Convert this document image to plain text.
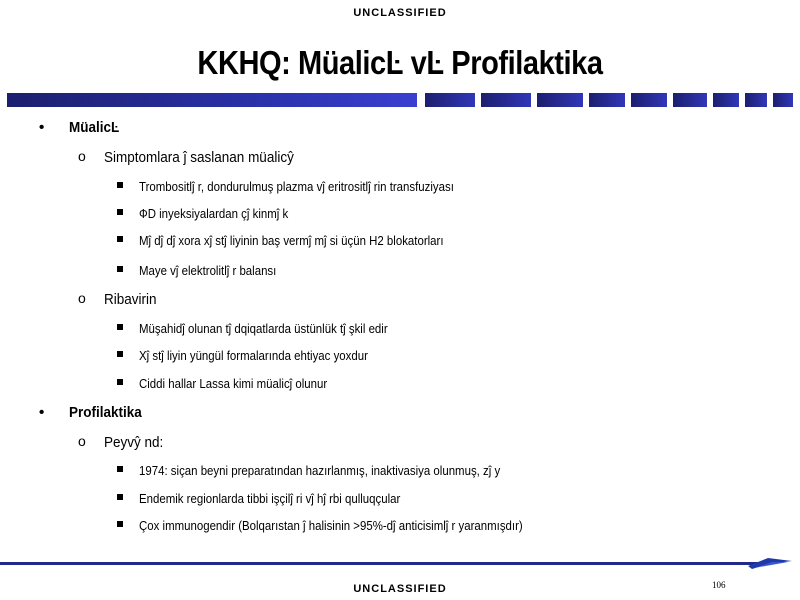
UNCLASSIFIED
KKHQ: MüalicĿ vĿ Profilaktika
• MüalicĿ
o Simptomlara ĵ saslanan müalicŷ
Trombositlĵ r, dondurulmuş plazma vĵ eritrositlĵ rin transfuziyası
ФD inyeksiyalardan çĵ kinmĵ k
Mĵ dĵ dĵ xora xĵ stĵ liyinin baş vermĵ mĵ si üçün H2 blokatorları
Maye vĵ elektrolitlĵ r balansı
o Ribavirin
Müşahidĵ olunan tĵ dqiqatlarda üstünlük tĵ şkil edir
Xĵ stĵ liyin yüngül formalarında ehtiyac yoxdur
Ciddi hallar Lassa kimi müalicĵ olunur
• Profilaktika
o Peyvŷ nd:
1974: siçan beyni preparatından hazırlanmış, inaktivasiya olunmuş, zĵ y
Endemik regionlarda tibbi işçilĵ ri vĵ hĵ rbi qulluqçular
Çox immunogendir (Bolqarıstan ĵ halisinin >95%-dĵ anticisimlĵ r yaranmışdır)
106
UNCLASSIFIED
